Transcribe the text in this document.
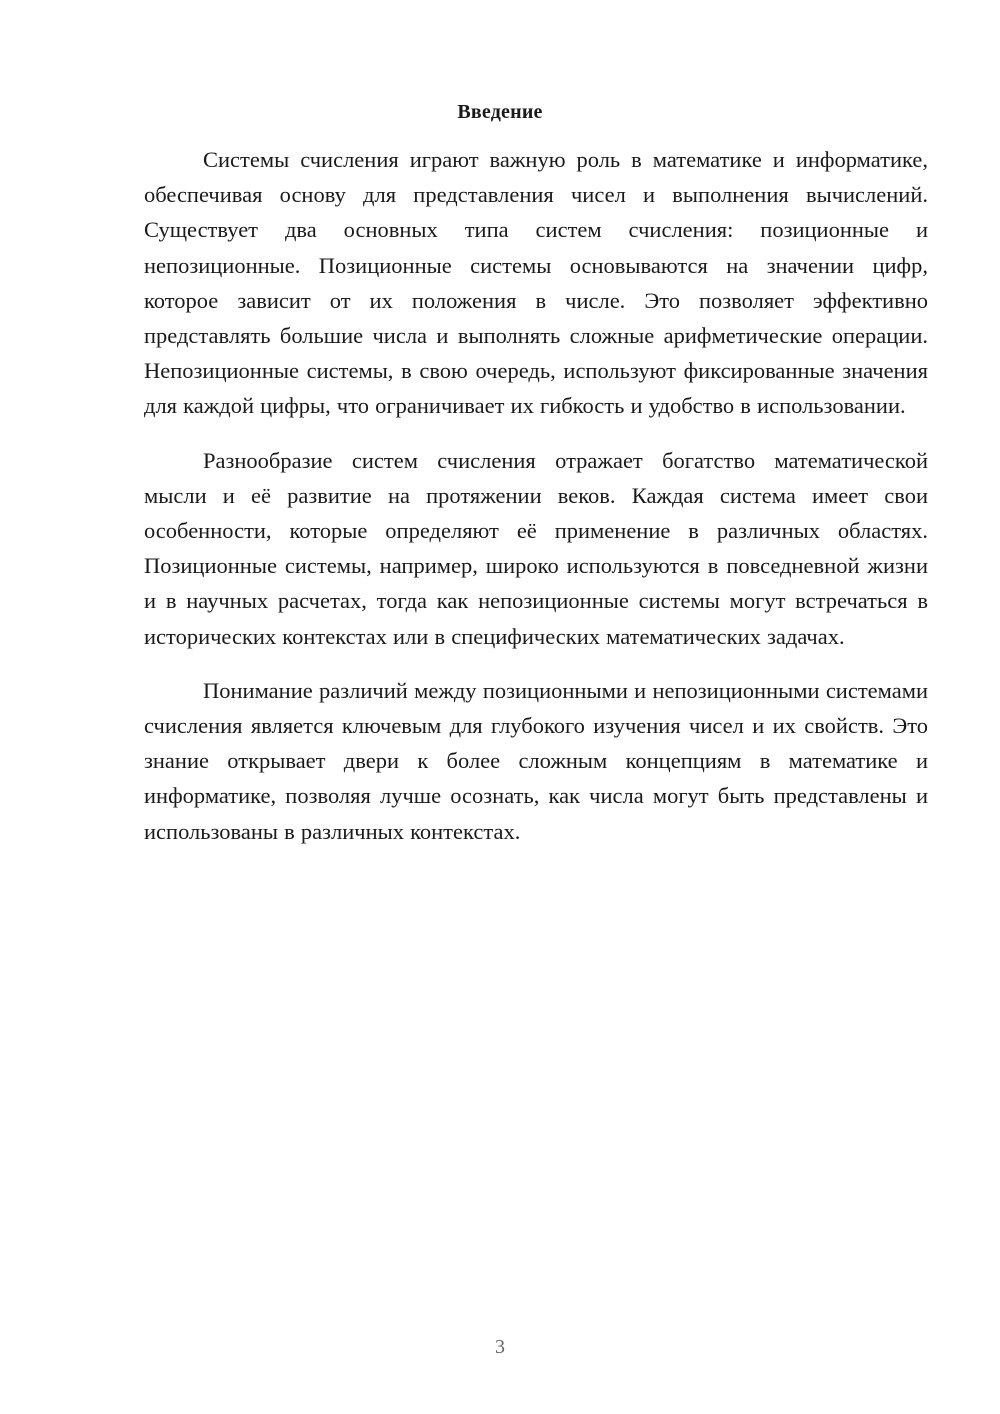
Введение

Системы счисления играют важную роль в математике и информатике, обеспечивая основу для представления чисел и выполнения вычислений. Существует два основных типа систем счисления: позиционные и непозиционные. Позиционные системы основываются на значении цифр, которое зависит от их положения в числе. Это позволяет эффективно представлять большие числа и выполнять сложные арифметические операции. Непозиционные системы, в свою очередь, используют фиксированные значения для каждой цифры, что ограничивает их гибкость и удобство в использовании.

Разнообразие систем счисления отражает богатство математической мысли и её развитие на протяжении веков. Каждая система имеет свои особенности, которые определяют её применение в различных областях. Позиционные системы, например, широко используются в повседневной жизни и в научных расчетах, тогда как непозиционные системы могут встречаться в исторических контекстах или в специфических математических задачах.

Понимание различий между позиционными и непозиционными системами счисления является ключевым для глубокого изучения чисел и их свойств. Это знание открывает двери к более сложным концепциям в математике и информатике, позволяя лучше осознать, как числа могут быть представлены и использованы в различных контекстах.

3
